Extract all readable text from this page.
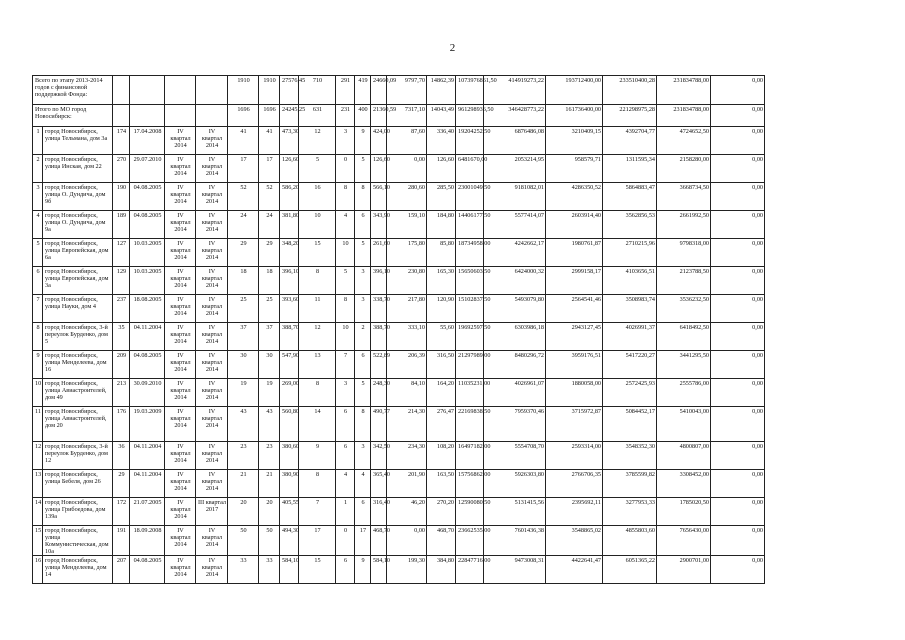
2
Всего по этапу 2013-2014 годов с финансовой поддержкой Фонда:						1910	1910	27576,45	710	291	419	24660,09	9797,70	14862,39	1073976861,50	414919273,22	193712400,00	233510400,28	231834788,00	0,00
Итого по МО город Новосибирск:						1696	1696	24245,25	631	231	400	21360,59	7317,10	14043,49	961298936,50	346428773,22	161736400,00	221298975,28	231834788,00	0,00
1	город Новосибирск, улица Тельмана, дом 3а	174	17.04.2008	IV квартал 2014	IV квартал 2014	41	41	473,30	12	3	9	424,00	87,60	336,40	19204252,50	6876486,08	3210409,15	4392704,77	4724652,50	0,00
2	город Новосибирск, улица Инская, дом 22	270	29.07.2010	IV квартал 2014	IV квартал 2014	17	17	126,60	5	0	5	126,60	0,00	126,60	6481670,00	2053214,95	958579,71	1311595,34	2158280,00	0,00
3	город Новосибирск, улица О. Дундича, дом 9б	190	04.08.2005	IV квартал 2014	IV квартал 2014	52	52	586,20	16	8	8	566,10	280,60	285,50	23001049,50	9181082,01	4286350,52	5864883,47	3668734,50	0,00
4	город Новосибирск, улица О. Дундича, дом 9а	189	04.08.2005	IV квартал 2014	IV квартал 2014	24	24	381,80	10	4	6	343,90	159,10	184,80	14406177,50	5577414,07	2603914,40	3562856,53	2661992,50	0,00
5	город Новосибирск, улица Европейская, дом 6а	127	10.03.2005	IV квартал 2014	IV квартал 2014	29	29	348,20	15	10	5	261,60	175,80	85,80	18734958,00	4242662,17	1980761,87	2710215,96	9798318,00	0,00
6	город Новосибирск, улица Европейская, дом 3а	129	10.03.2005	IV квартал 2014	IV квартал 2014	18	18	396,10	8	5	3	396,10	230,80	165,30	15650603,50	6424000,32	2999158,17	4103656,51	2123788,50	0,00
7	город Новосибирск, улица Науки, дом 4	237	18.08.2005	IV квартал 2014	IV квартал 2014	25	25	393,60	11	8	3	338,70	217,80	120,90	15102837,50	5493079,80	2564541,46	3508983,74	3536232,50	0,00
8	город Новосибирск, 3-й переулок Бурденко, дом 5	35	04.11.2004	IV квартал 2014	IV квартал 2014	37	37	388,70	12	10	2	388,70	333,10	55,60	19692597,50	6303986,18	2943127,45	4026991,37	6418492,50	0,00
9	город Новосибирск, улица Менделеева, дом 16	209	04.08.2005	IV квартал 2014	IV квартал 2014	30	30	547,90	13	7	6	522,89	206,39	316,50	21297989,00	8480296,72	3959176,51	5417220,27	3441295,50	0,00
10	город Новосибирск, улица Авиастроителей, дом 49	213	30.09.2010	IV квартал 2014	IV квартал 2014	19	19	269,00	8	3	5	248,30	84,10	164,20	11035231,00	4026961,07	1880058,00	2572425,93	2555786,00	0,00
11	город Новосибирск, улица Авиастроителей, дом 20	176	19.03.2009	IV квартал 2014	IV квартал 2014	43	43	560,80	14	6	8	490,77	214,30	276,47	22169838,50	7959370,46	3715972,87	5084452,17	5410043,00	0,00
12	город Новосибирск, 3-й переулок Бурденко, дом 12	36	04.11.2004	IV квартал 2014	IV квартал 2014	23	23	380,60	9	6	3	342,50	234,30	108,20	16497182,00	5554708,70	2593314,00	3548352,30	4800807,00	0,00
13	город Новосибирск, улица Бебеля, дом 26	29	04.11.2004	IV квартал 2014	IV квартал 2014	21	21	380,90	8	4	4	365,40	201,90	163,50	15756862,00	5926303,80	2766706,35	3785599,82	3308452,00	0,00
14	город Новосибирск, улица Грибоедова, дом 139а	172	21.07.2005	IV квартал 2014	III квартал 2017	20	20	405,55	7	1	6	316,40	46,20	270,20	12590080,50	5131415,56	2395692,11	3277953,33	1785020,50	0,00
15	город Новосибирск, улица Коммунистическая, дом 10а	191	18.09.2008	IV квартал 2014	IV квартал 2014	50	50	494,30	17	0	17	468,70	0,00	468,70	23662535,00	7601436,38	3548865,02	4855803,60	7656430,00	0,00
16	город Новосибирск, улица Менделеева, дом 14	207	04.08.2005	IV квартал 2014	IV квартал 2014	33	33	584,10	15	6	9	584,10	199,30	384,80	22847716,00	9473008,31	4422641,47	6051365,22	2900701,00	0,00
